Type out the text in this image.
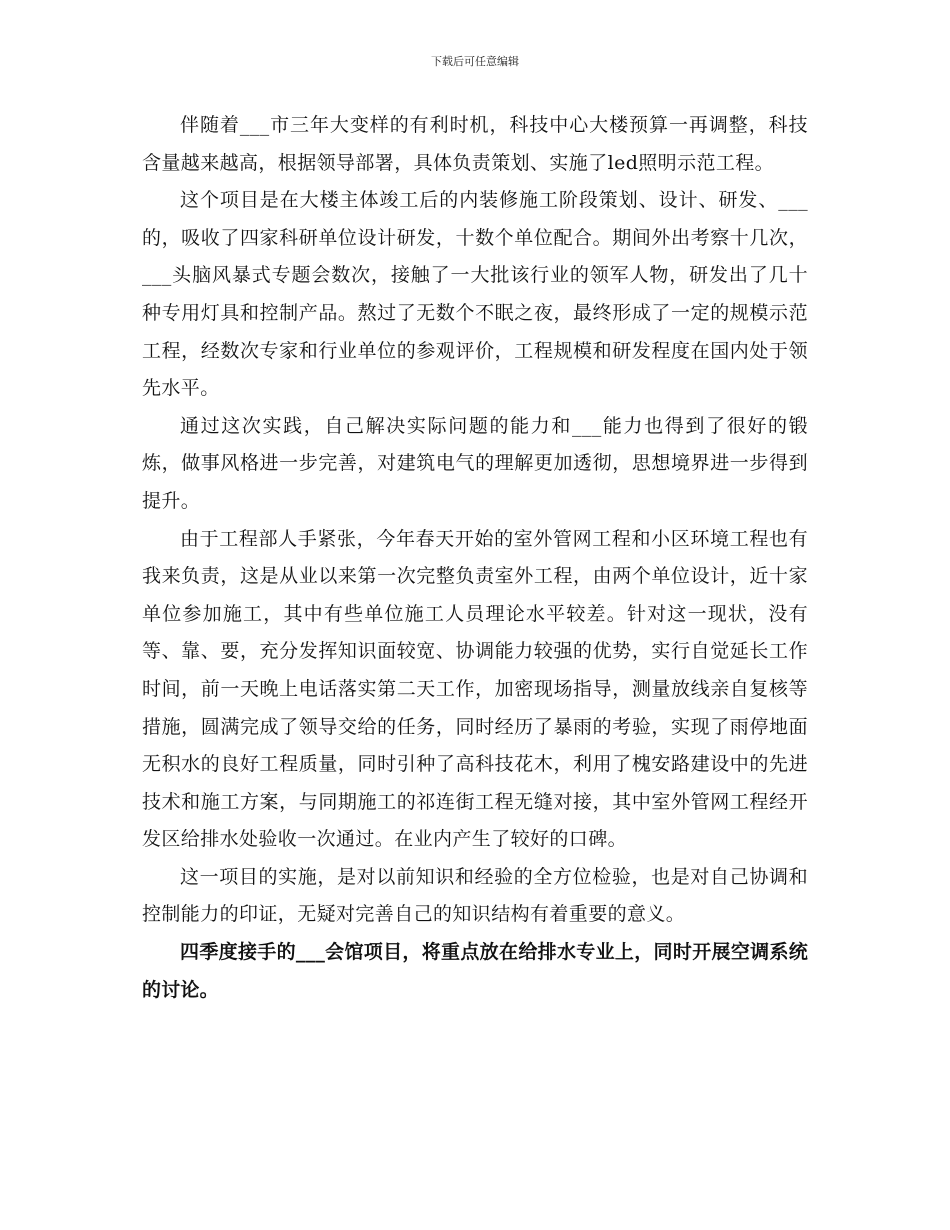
下载后可任意编辑

伴随着___市三年大变样的有利时机，科技中心大楼预算一再调整，科技含量越来越高，根据领导部署，具体负责策划、实施了led照明示范工程。

这个项目是在大楼主体竣工后的内装修施工阶段策划、设计、研发、___的，吸收了四家科研单位设计研发，十数个单位配合。期间外出考察十几次，___头脑风暴式专题会数次，接触了一大批该行业的领军人物，研发出了几十种专用灯具和控制产品。熬过了无数个不眠之夜，最终形成了一定的规模示范工程，经数次专家和行业单位的参观评价，工程规模和研发程度在国内处于领先水平。

通过这次实践，自己解决实际问题的能力和___能力也得到了很好的锻炼，做事风格进一步完善，对建筑电气的理解更加透彻，思想境界进一步得到提升。

由于工程部人手紧张，今年春天开始的室外管网工程和小区环境工程也有我来负责，这是从业以来第一次完整负责室外工程，由两个单位设计，近十家单位参加施工，其中有些单位施工人员理论水平较差。针对这一现状，没有等、靠、要，充分发挥知识面较宽、协调能力较强的优势，实行自觉延长工作时间，前一天晚上电话落实第二天工作，加密现场指导，测量放线亲自复核等措施，圆满完成了领导交给的任务，同时经历了暴雨的考验，实现了雨停地面无积水的良好工程质量，同时引种了高科技花木，利用了槐安路建设中的先进技术和施工方案，与同期施工的祁连街工程无缝对接，其中室外管网工程经开发区给排水处验收一次通过。在业内产生了较好的口碑。

这一项目的实施，是对以前知识和经验的全方位检验，也是对自己协调和控制能力的印证，无疑对完善自己的知识结构有着重要的意义。

四季度接手的___会馆项目，将重点放在给排水专业上，同时开展空调系统的讨论。
